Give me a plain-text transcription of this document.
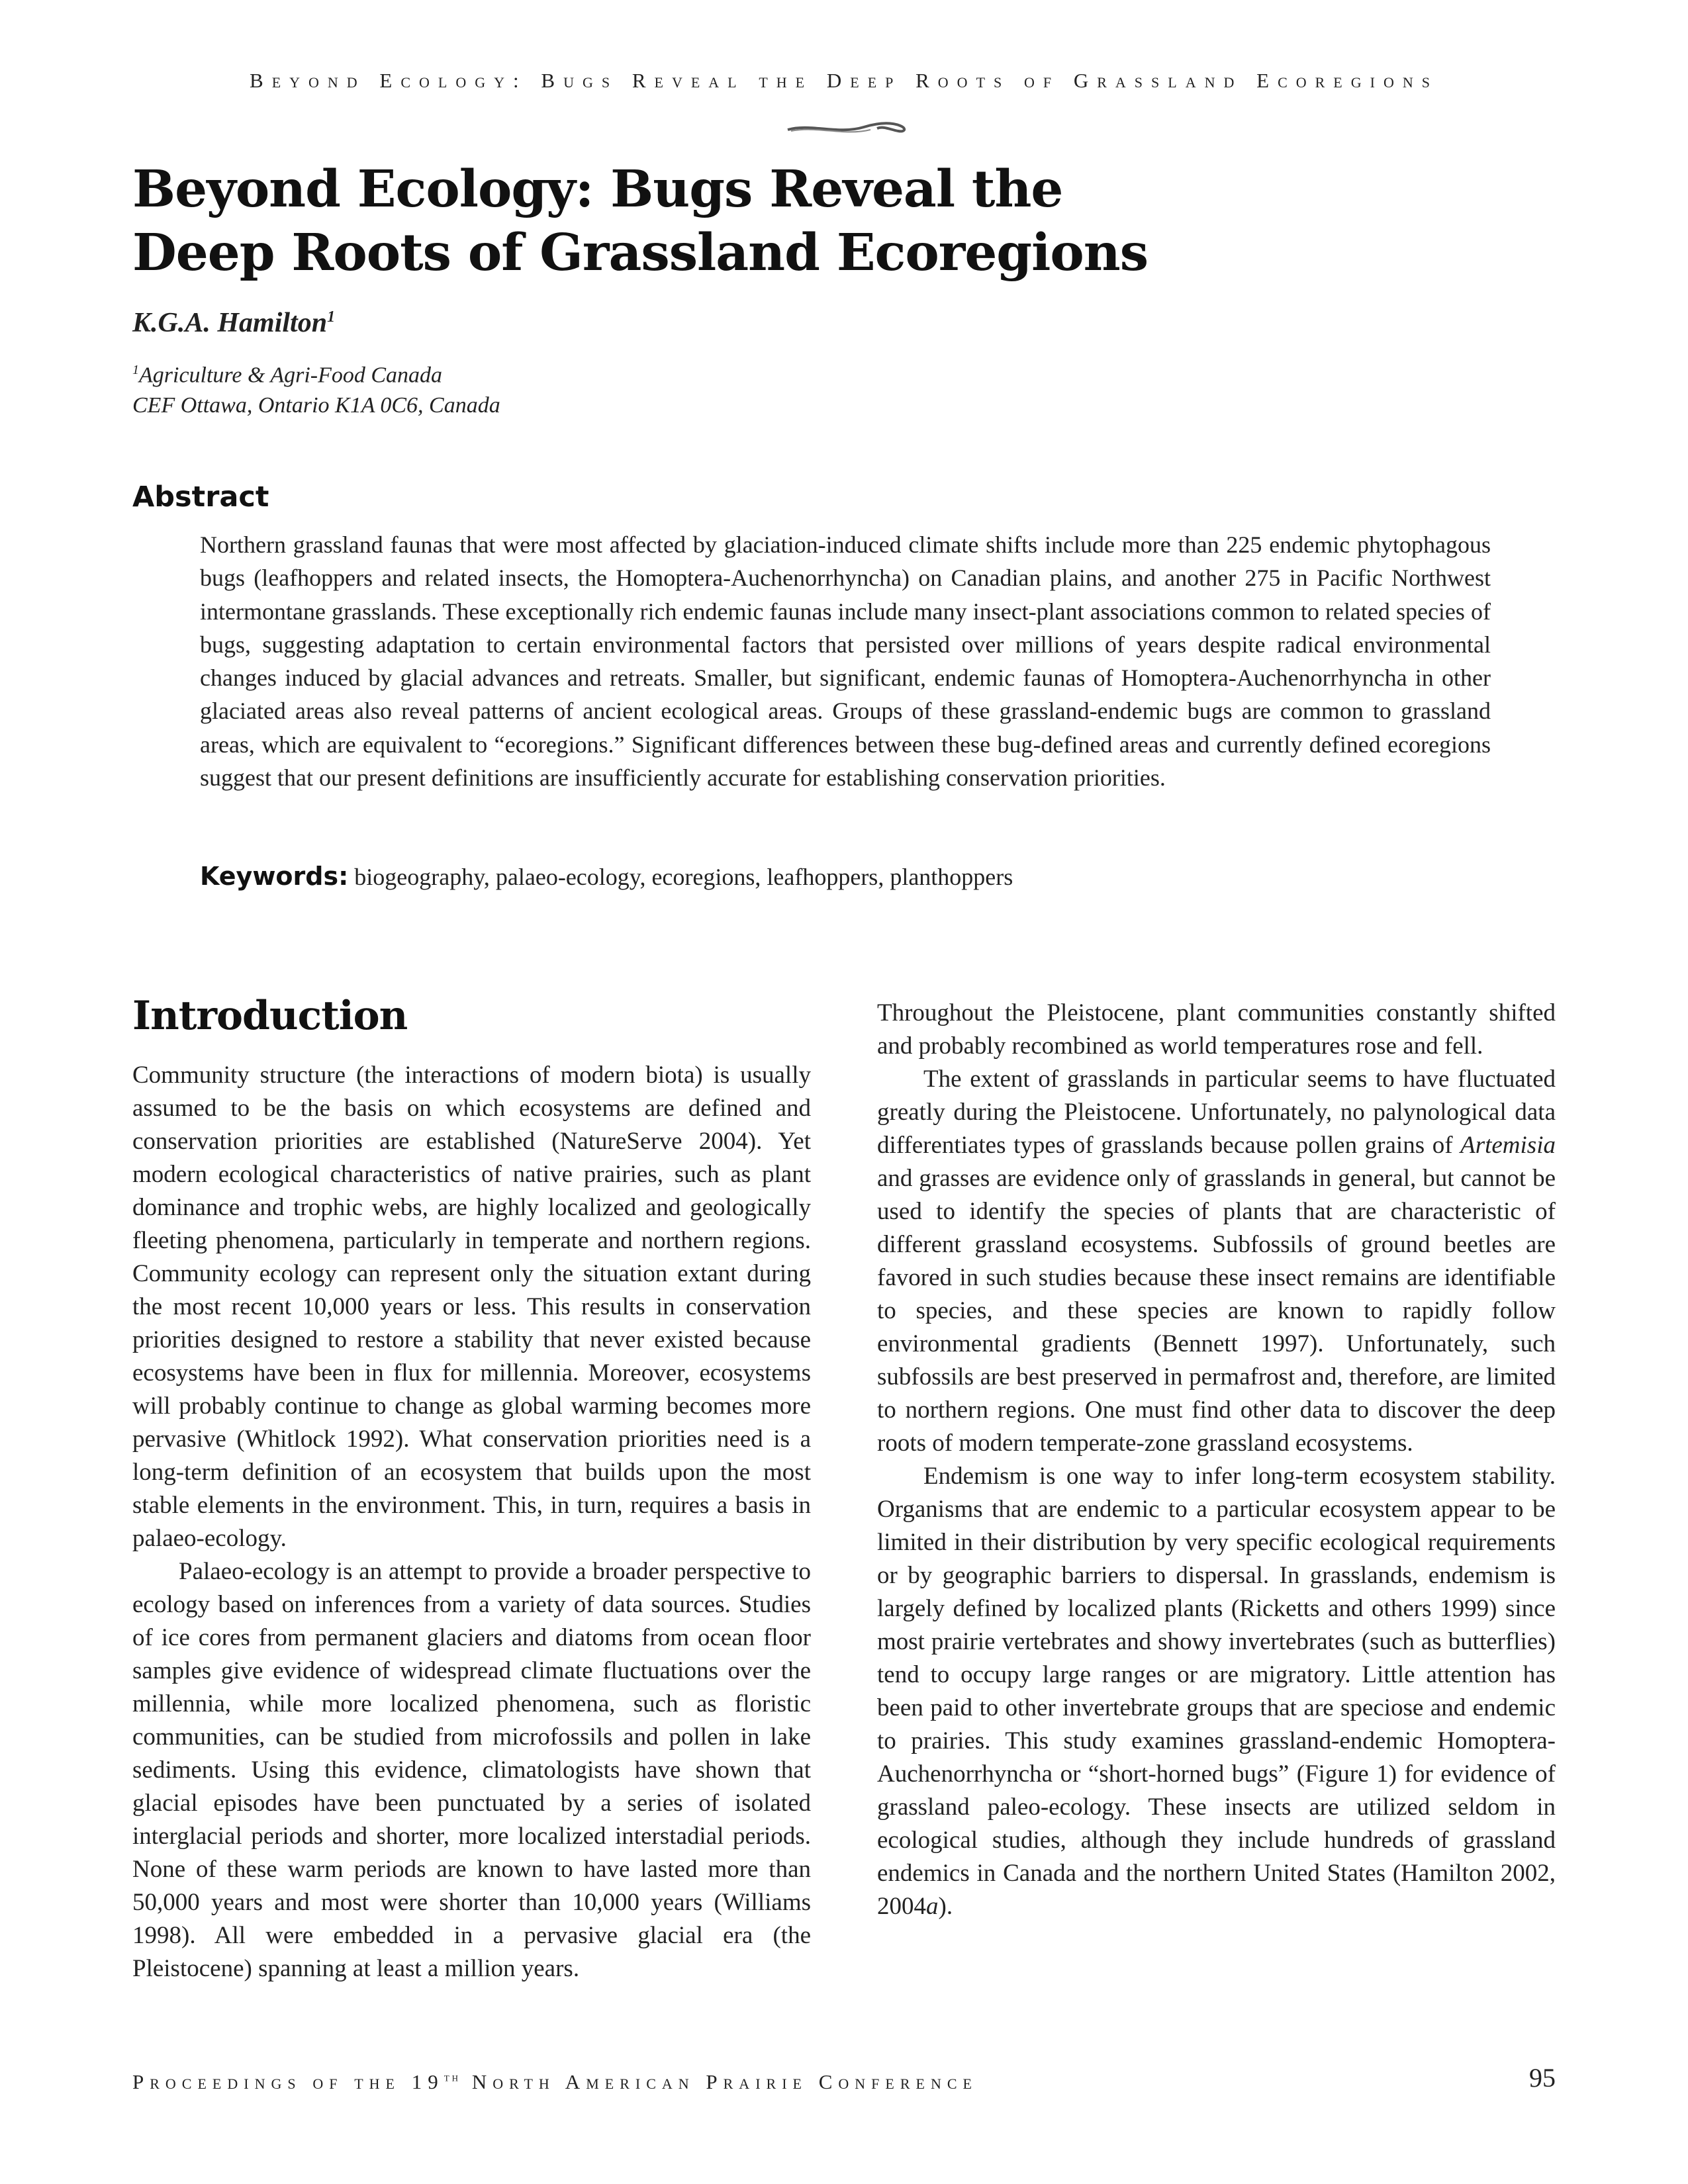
Beyond Ecology: Bugs Reveal the Deep Roots of Grassland Ecoregions
Beyond Ecology: Bugs Reveal the
Deep Roots of Grassland Ecoregions
K.G.A. Hamilton$^1$
$^1$Agriculture & Agri-Food Canada
CEF Ottawa, Ontario K1A 0C6, Canada
Abstract

Northern grassland faunas that were most affected by glaciation-induced climate shifts include more than 225 endemic phytophagous bugs (leafhoppers and related insects, the Homoptera-Auchenorrhyncha) on Canadian plains, and another 275 in Pacific Northwest intermontane grasslands. These exceptionally rich endemic faunas include many insect-plant associations common to related species of bugs, suggesting adaptation to certain environmental factors that persisted over millions of years despite radical environmental changes induced by glacial advances and retreats. Smaller, but significant, endemic faunas of Homoptera-Auchenorrhyncha in other glaciated areas also reveal patterns of ancient ecological areas. Groups of these grassland-endemic bugs are common to grassland areas, which are equivalent to “ecoregions.” Significant differences between these bug-defined areas and currently defined ecoregions suggest that our present definitions are insufficiently accurate for establishing conservation priorities.

Keywords: biogeography, palaeo-ecology, ecoregions, leafhoppers, planthoppers
Introduction

Community structure (the interactions of modern biota) is usually assumed to be the basis on which ecosystems are defined and conservation priorities are established (NatureServe 2004). Yet modern ecological characteristics of native prairies, such as plant dominance and trophic webs, are highly localized and geologically fleeting phenomena, particularly in temperate and northern regions. Community ecology can represent only the situation extant during the most recent 10,000 years or less. This results in conservation priorities designed to restore a stability that never existed because ecosystems have been in flux for millennia. Moreover, ecosystems will probably continue to change as global warming becomes more pervasive (Whitlock 1992). What conservation priorities need is a long-term definition of an ecosystem that builds upon the most stable elements in the environment. This, in turn, requires a basis in palaeo-ecology.

Palaeo-ecology is an attempt to provide a broader perspective to ecology based on inferences from a variety of data sources. Studies of ice cores from permanent glaciers and diatoms from ocean floor samples give evidence of widespread climate fluctuations over the millennia, while more localized phenomena, such as floristic communities, can be studied from microfossils and pollen in lake sediments. Using this evidence, climatologists have shown that glacial episodes have been punctuated by a series of isolated interglacial periods and shorter, more localized interstadial periods. None of these warm periods are known to have lasted more than 50,000 years and most were shorter than 10,000 years (Williams 1998). All were embedded in a pervasive glacial era (the Pleistocene) spanning at least a million years.

Throughout the Pleistocene, plant communities constantly shifted and probably recombined as world temperatures rose and fell.

The extent of grasslands in particular seems to have fluctuated greatly during the Pleistocene. Unfortunately, no palynological data differentiates types of grasslands because pollen grains of Artemisia and grasses are evidence only of grasslands in general, but cannot be used to identify the species of plants that are characteristic of different grassland ecosystems. Subfossils of ground beetles are favored in such studies because these insect remains are identifiable to species, and these species are known to rapidly follow environmental gradients (Bennett 1997). Unfortunately, such subfossils are best preserved in permafrost and, therefore, are limited to northern regions. One must find other data to discover the deep roots of modern temperate-zone grassland ecosystems.

Endemism is one way to infer long-term ecosystem stability. Organisms that are endemic to a particular ecosystem appear to be limited in their distribution by very specific ecological requirements or by geographic barriers to dispersal. In grasslands, endemism is largely defined by localized plants (Ricketts and others 1999) since most prairie vertebrates and showy invertebrates (such as butterflies) tend to occupy large ranges or are migratory. Little attention has been paid to other invertebrate groups that are speciose and endemic to prairies. This study examines grassland-endemic Homoptera-Auchenorrhyncha or “short-horned bugs” (Figure 1) for evidence of grassland paleo-ecology. These insects are utilized seldom in ecological studies, although they include hundreds of grassland endemics in Canada and the northern United States (Hamilton 2002, 2004a).

Proceedings of the 19th North American Prairie Conference	95
